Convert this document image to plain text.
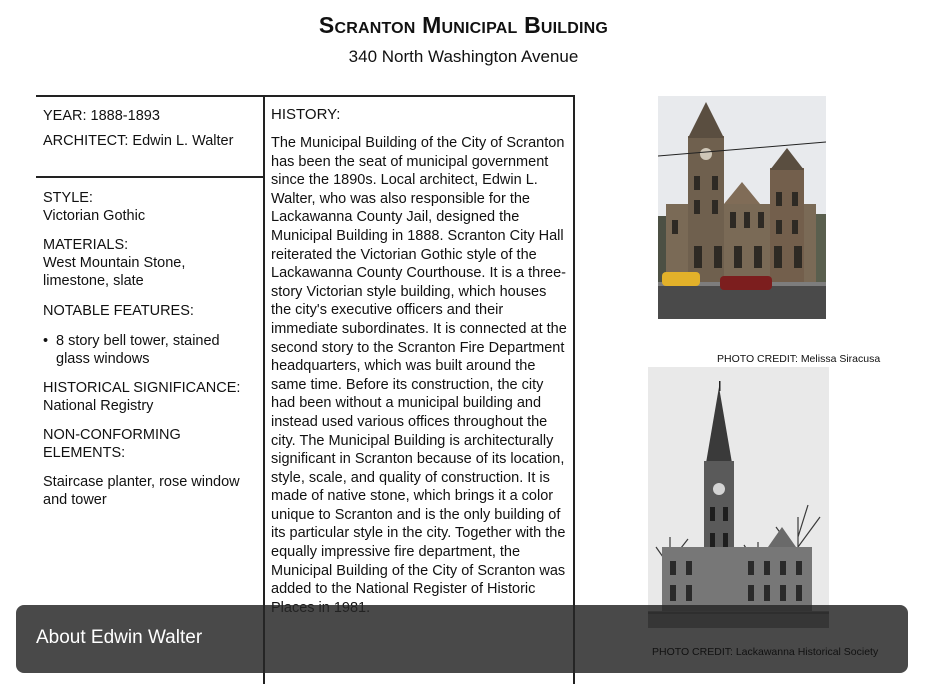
Scranton Municipal Building
340 North Washington Avenue
YEAR: 1888-1893
ARCHITECT: Edwin L. Walter

STYLE:

Victorian Gothic

MATERIALS:

West Mountain Stone, limestone, slate

NOTABLE FEATURES:

• 8 story bell tower, stained glass windows

HISTORICAL SIGNIFICANCE:

National Registry

NON-CONFORMING ELEMENTS:

Staircase planter, rose window and tower

HISTORY:
The Municipal Building of the City of Scranton has been the seat of municipal government since the 1890s. Local architect, Edwin L. Walter, who was also responsible for the Lackawanna County Jail, designed the Municipal Building in 1888. Scranton City Hall reiterated the Victorian Gothic style of the Lackawanna County Courthouse. It is a three-story Victorian style building, which houses the city's executive officers and their immediate subordinates. It is connected at the second story to the Scranton Fire Department headquarters, which was built around the same time. Before its construction, the city had been without a municipal building and instead used various offices throughout the city. The Municipal Building is architecturally significant in Scranton because of its location, style, scale, and quality of construction. It is made of native stone, which brings it a color unique to Scranton and is the only building of its particular style in the city. Together with the equally impressive fire department, the Municipal Building of the City of Scranton was added to the National Register of Historic
PHOTO CREDIT: Melissa Siracusa
About Edwin Walter
PHOTO CREDIT: Lackawanna Historical Society
